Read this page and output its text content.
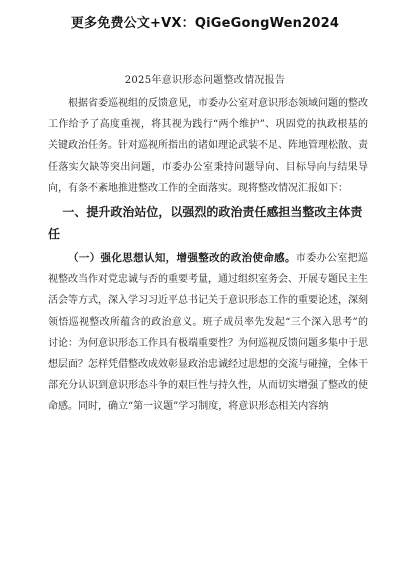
更多免费公文+VX：QiGeGongWen2024
2025年意识形态问题整改情况报告

根据省委巡视组的反馈意见，市委办公室对意识形态领域问题的整改工作给予了高度重视，将其视为践行“两个维护”、巩固党的执政根基的关键政治任务。针对巡视所指出的诸如理论武装不足、阵地管理松散、责任落实欠缺等突出问题，市委办公室秉持问题导向、目标导向与结果导向，有条不紊地推进整改工作的全面落实。现将整改情况汇报如下：

一、提升政治站位，以强烈的政治责任感担当整改主体责任

（一）强化思想认知，增强整改的政治使命感。市委办公室把巡视整改当作对党忠诚与否的重要考量，通过组织室务会、开展专题民主生活会等方式，深入学习习近平总书记关于意识形态工作的重要论述，深刻领悟巡视整改所蕴含的政治意义。班子成员率先发起“三个深入思考”的讨论：为何意识形态工作具有极端重要性？为何巡视反馈问题多集中于思想层面？怎样凭借整改成效彰显政治忠诚经过思想的交流与碰撞，全体干部充分认识到意识形态斗争的艰巨性与持久性，从而切实增强了整改的使命感。同时，确立“第一议题”学习制度，将意识形态相关内容纳
